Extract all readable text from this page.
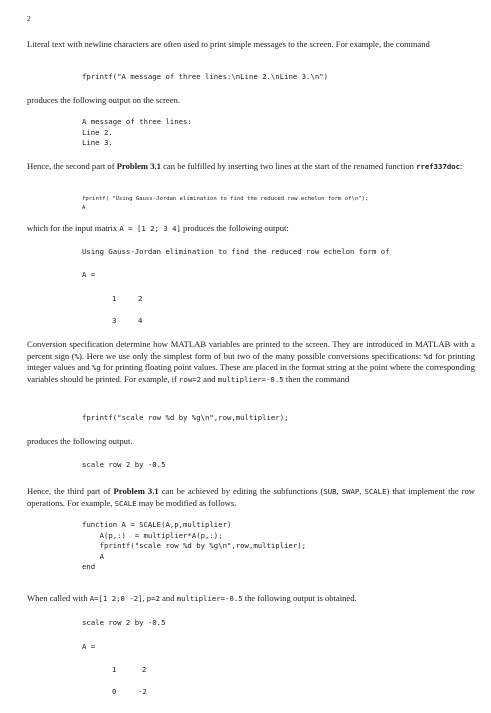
2

Literal text with newline characters are often used to print simple messages to the screen. For example, the command

fprintf("A message of three lines:\nLine 2.\nLine 3.\n")

produces the following output on the screen.

A message of three lines:
Line 2.
Line 3.

Hence, the second part of Problem 3.1 can be fulfilled by inserting two lines at the start of the renamed function rref337doc:

fprintf( "Using Gauss-Jordan elimination to find the reduced row echelon form of\n");
A

which for the input matrix A = [1 2; 3 4] produces the following output:

Using Gauss-Jordan elimination to find the reduced row echelon form of
A =
1	2
3	4

Conversion specification determine how MATLAB variables are printed to the screen. They are introduced in MATLAB with a percent sign (%). Here we use only the simplest form of but two of the many possible conversions specifications: %d for printing integer values and %g for printing floating point values. These are placed in the format string at the point where the corresponding variables should be printed. For example, if row=2 and multiplier=-0.5 then the command

fprintf("scale row %d by %g\n",row,multiplier);

produces the following output.

scale row 2 by -0.5

Hence, the third part of Problem 3.1 can be achieved by editing the subfunctions (SUB, SWAP, SCALE) that implement the row operations. For example, SCALE may be modified as follows.

function A = SCALE(A,p,multiplier)
A(p,:)  = multiplier*A(p,:);
fprintf("scale row %d by %g\n",row,multiplier);
A
end

When called with A=[1 2;0 -2], p=2 and multiplier=-0.5 the following output is obtained.

scale row 2 by -0.5
A =
1	2
0	-2
